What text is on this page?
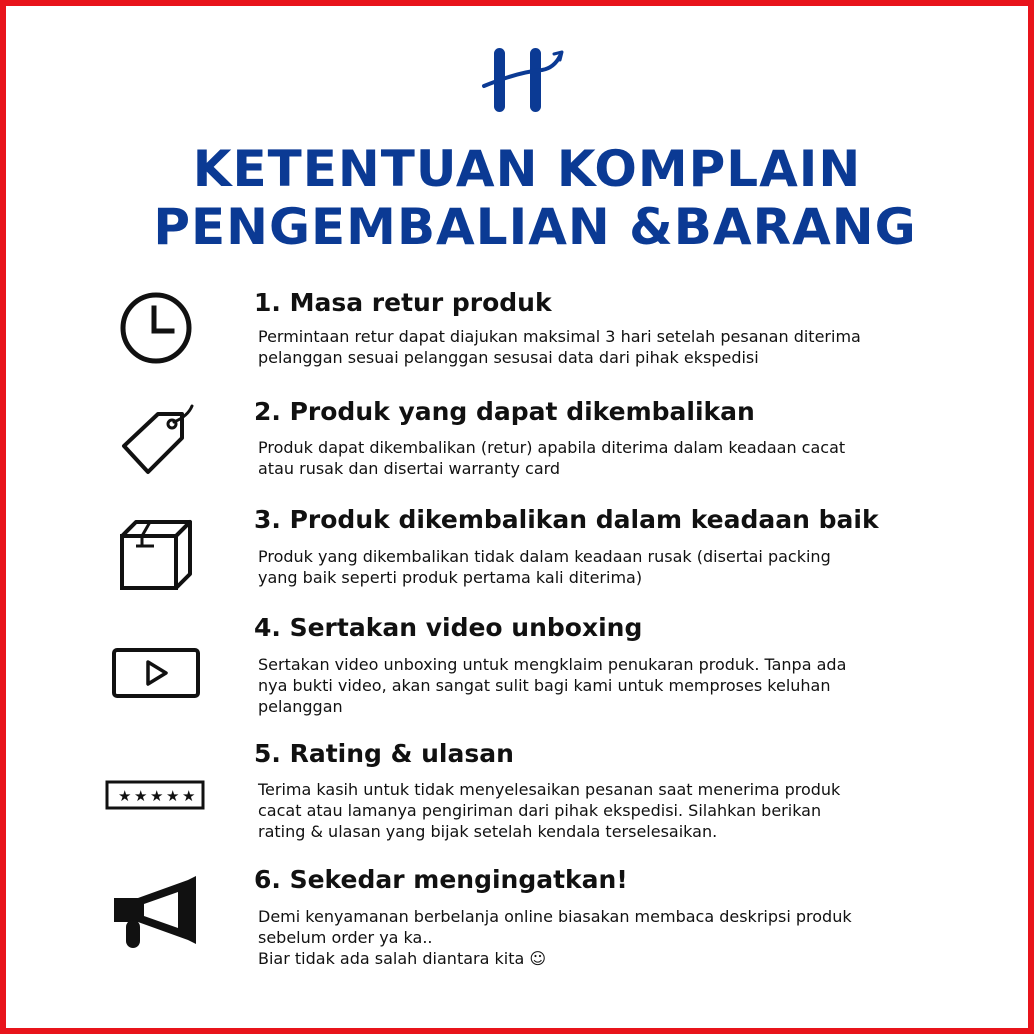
KETENTUAN KOMPLAIN
PENGEMBALIAN &BARANG
1. Masa retur produk
Permintaan retur dapat diajukan maksimal 3 hari setelah pesanan diterima
pelanggan sesuai pelanggan sesusai data dari pihak ekspedisi
2. Produk yang dapat dikembalikan
Produk dapat dikembalikan (retur) apabila diterima dalam keadaan cacat
atau rusak dan disertai warranty card
3. Produk dikembalikan dalam keadaan baik
Produk yang dikembalikan tidak dalam keadaan rusak (disertai packing
yang baik seperti produk pertama kali diterima)
4. Sertakan video unboxing
Sertakan video unboxing untuk mengklaim penukaran produk. Tanpa ada
nya bukti video, akan sangat sulit bagi kami untuk memproses keluhan
pelanggan
★ ★ ★ ★ ★
5. Rating & ulasan
Terima kasih untuk tidak menyelesaikan pesanan saat menerima produk
cacat atau lamanya pengiriman dari pihak ekspedisi. Silahkan berikan
rating & ulasan yang bijak setelah kendala terselesaikan.
6. Sekedar mengingatkan!
Demi kenyamanan berbelanja online biasakan membaca deskripsi produk
sebelum order ya ka..
Biar tidak ada salah diantara kita ☺
